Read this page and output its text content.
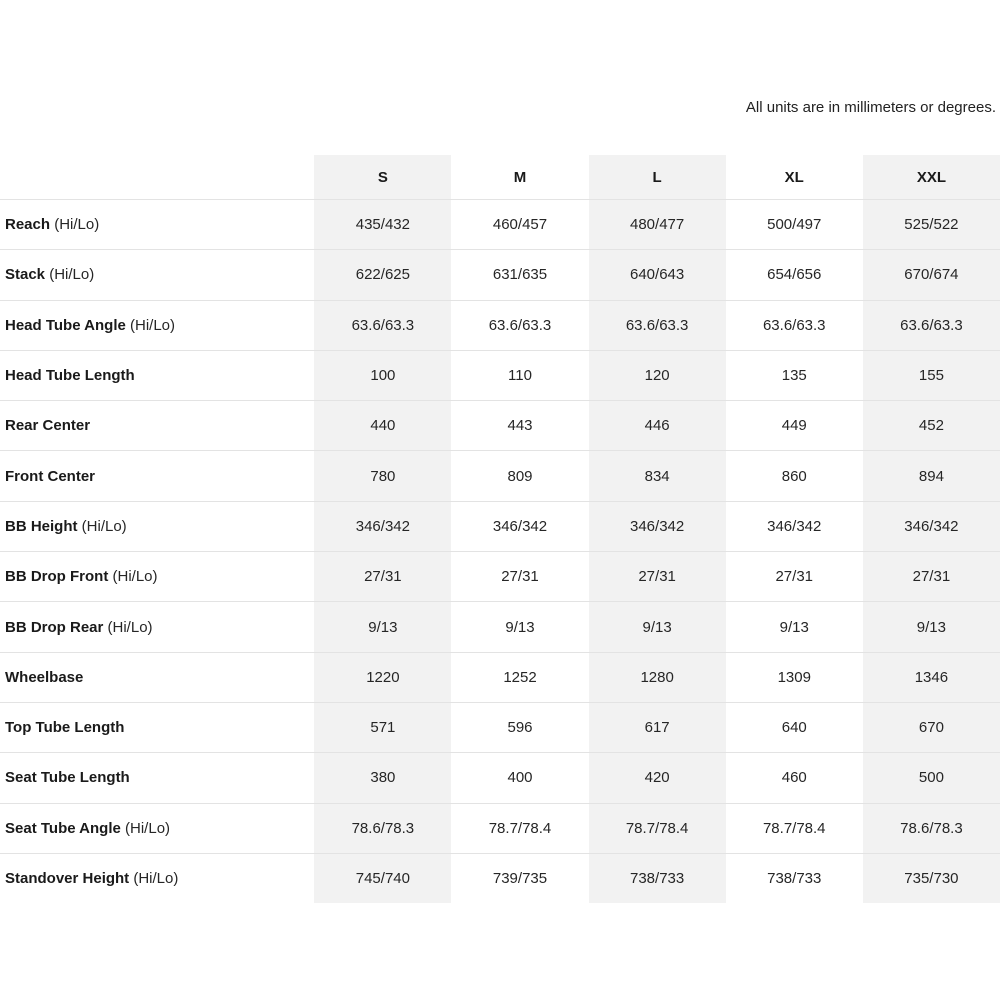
All units are in millimeters or degrees.
	S	M	L	XL	XXL
Reach (Hi/Lo)	435/432	460/457	480/477	500/497	525/522
Stack (Hi/Lo)	622/625	631/635	640/643	654/656	670/674
Head Tube Angle (Hi/Lo)	63.6/63.3	63.6/63.3	63.6/63.3	63.6/63.3	63.6/63.3
Head Tube Length	100	110	120	135	155
Rear Center	440	443	446	449	452
Front Center	780	809	834	860	894
BB Height (Hi/Lo)	346/342	346/342	346/342	346/342	346/342
BB Drop Front (Hi/Lo)	27/31	27/31	27/31	27/31	27/31
BB Drop Rear (Hi/Lo)	9/13	9/13	9/13	9/13	9/13
Wheelbase	1220	1252	1280	1309	1346
Top Tube Length	571	596	617	640	670
Seat Tube Length	380	400	420	460	500
Seat Tube Angle (Hi/Lo)	78.6/78.3	78.7/78.4	78.7/78.4	78.7/78.4	78.6/78.3
Standover Height (Hi/Lo)	745/740	739/735	738/733	738/733	735/730
